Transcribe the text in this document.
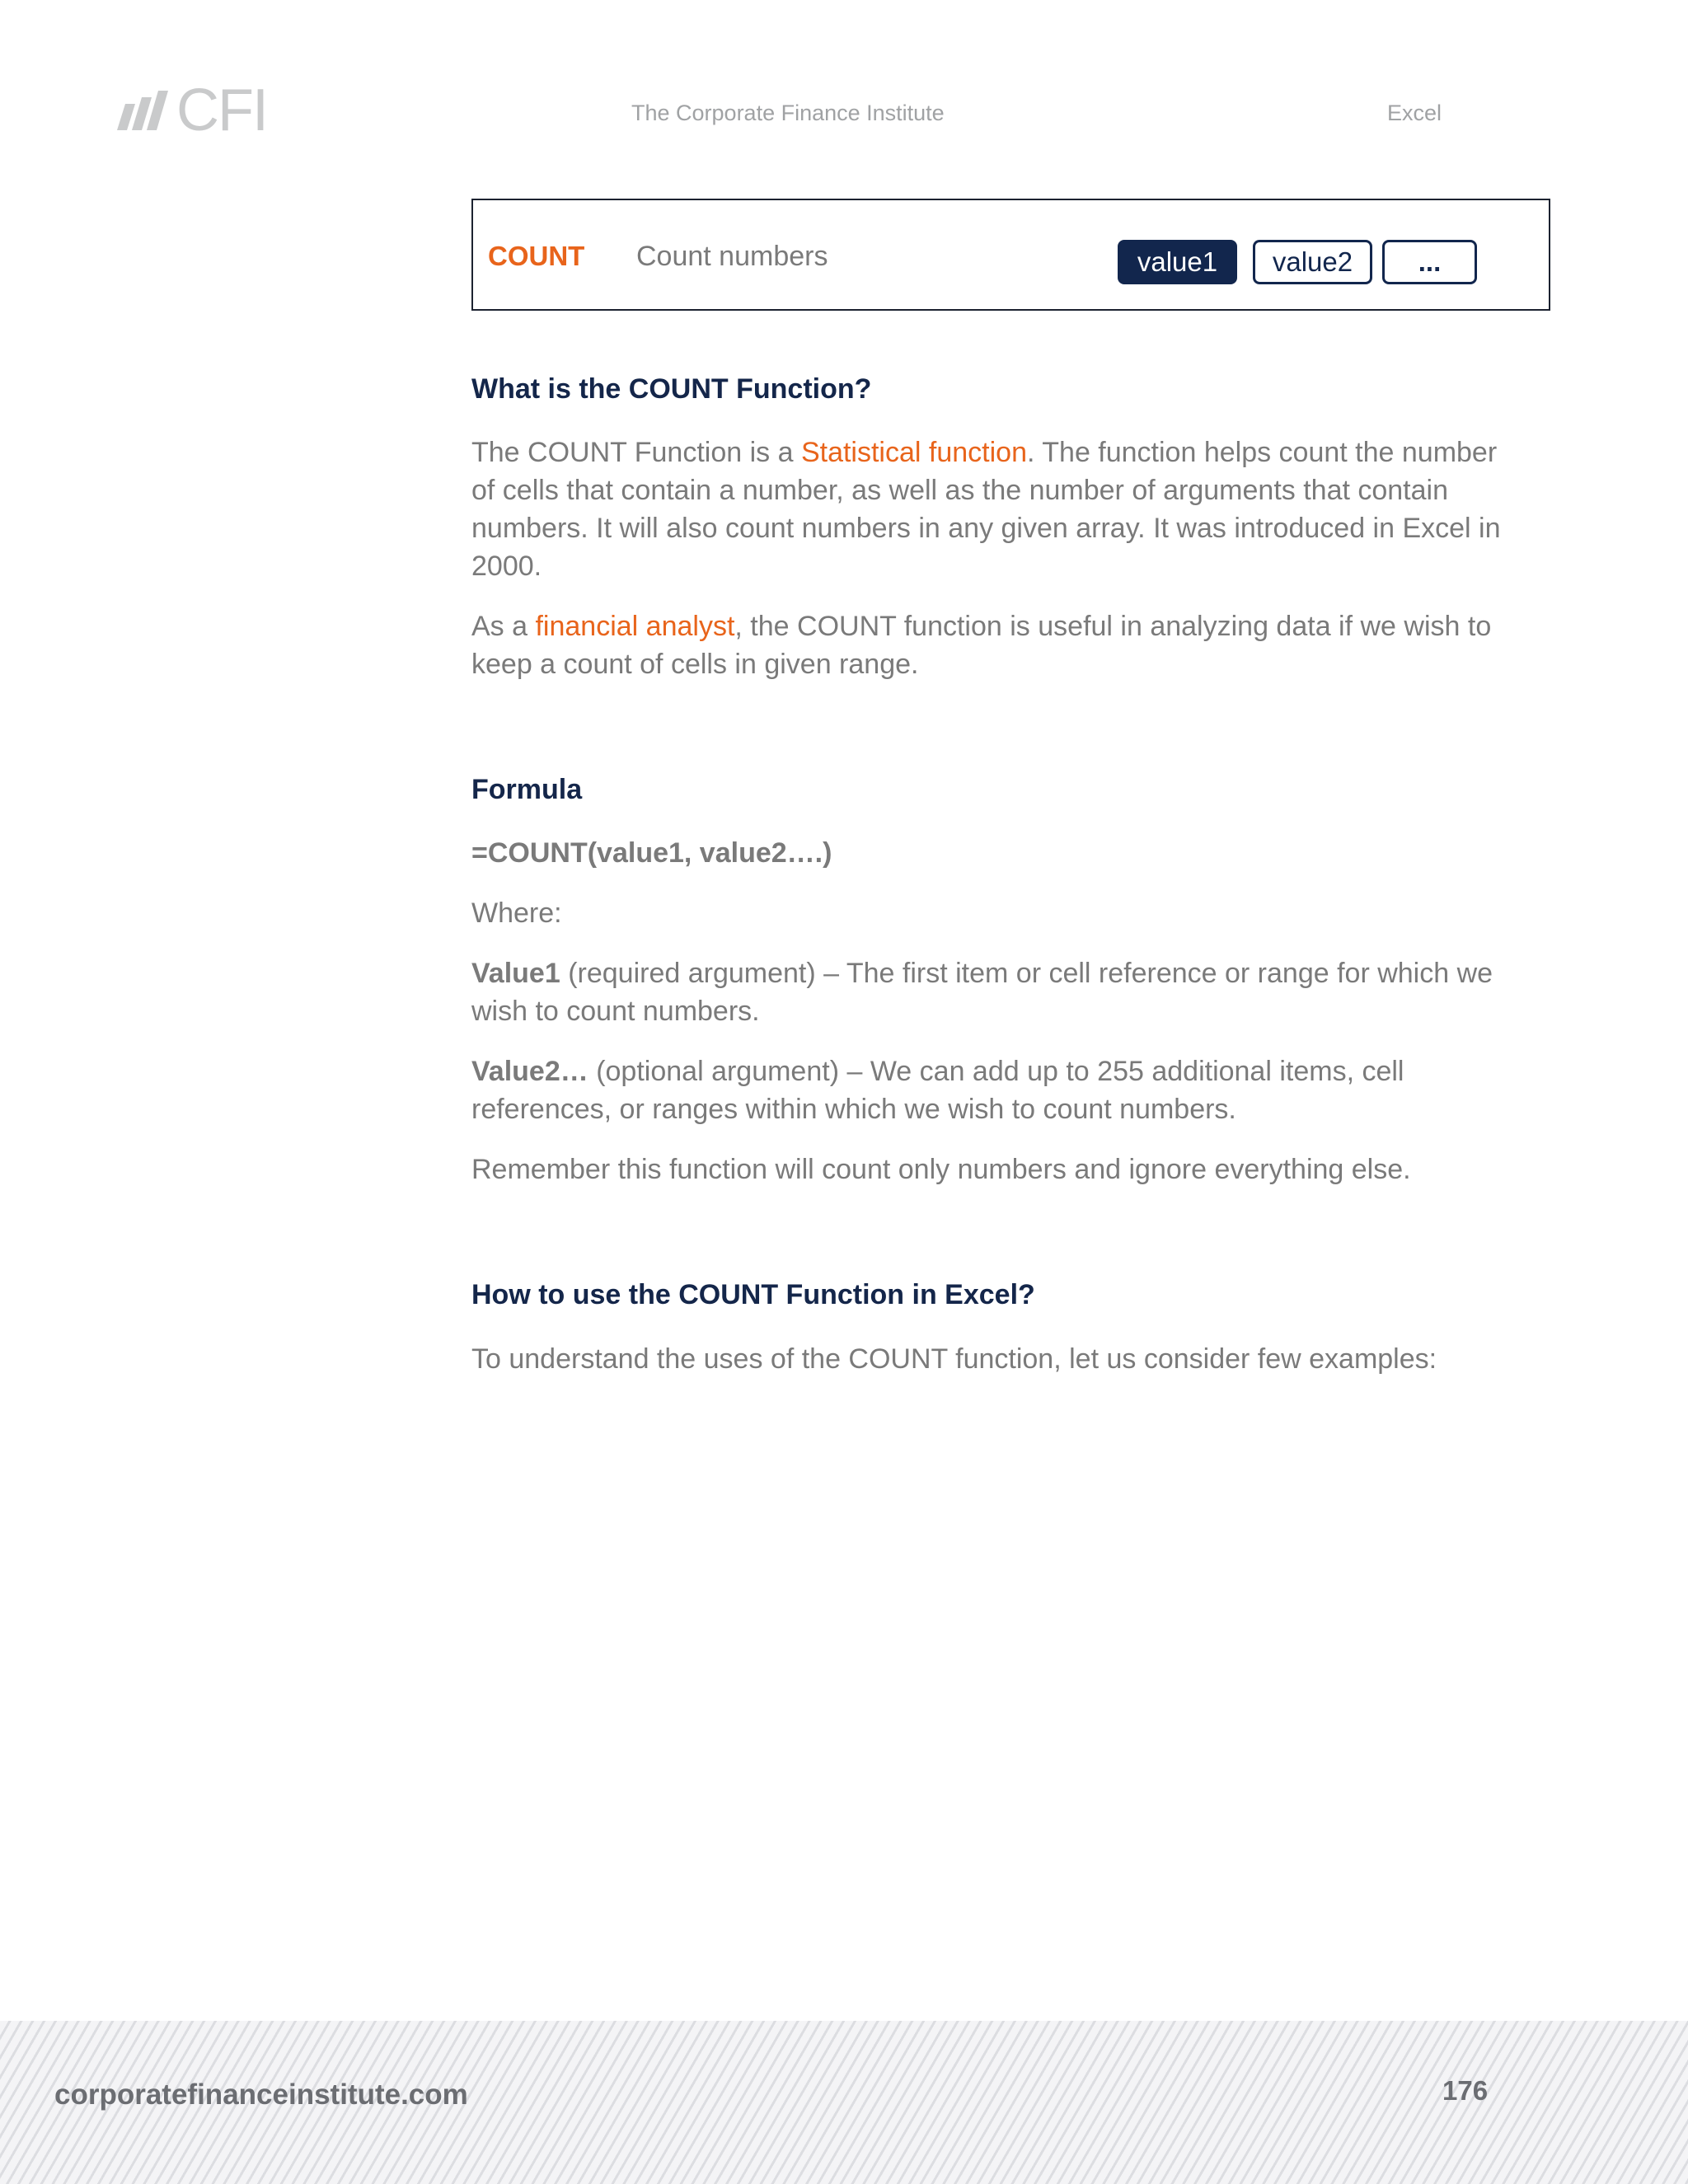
CFI	The Corporate Finance Institute	Excel
COUNT Count numbers	value1	value2	...
What is the COUNT Function?

The COUNT Function is a Statistical function. The function helps count the number of cells that contain a number, as well as the number of arguments that contain numbers. It will also count numbers in any given array. It was introduced in Excel in 2000.

As a financial analyst, the COUNT function is useful in analyzing data if we wish to keep a count of cells in given range.

Formula

=COUNT(value1, value2….)

Where:

Value1 (required argument) – The first item or cell reference or range for which we wish to count numbers.

Value2… (optional argument) – We can add up to 255 additional items, cell references, or ranges within which we wish to count numbers.

Remember this function will count only numbers and ignore everything else.

How to use the COUNT Function in Excel?

To understand the uses of the COUNT function, let us consider few examples:

corporatefinanceinstitute.com	176
